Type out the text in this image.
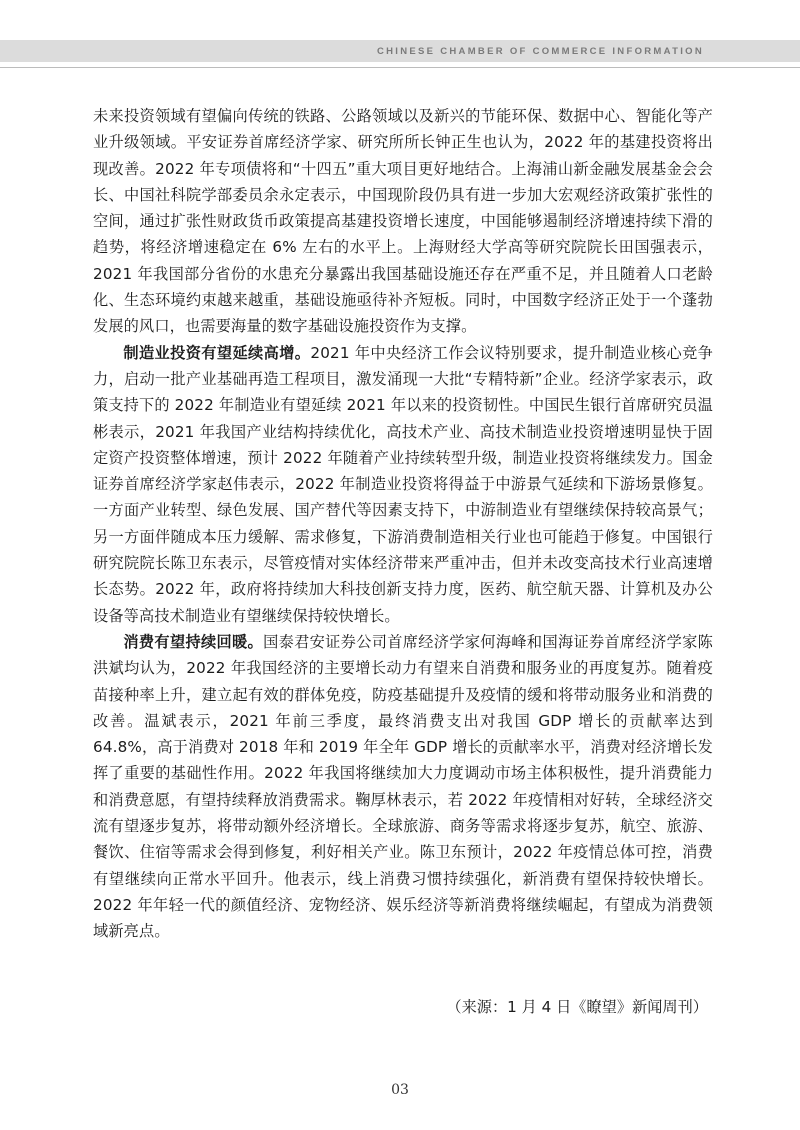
CHINESE CHAMBER OF COMMERCE INFORMATION

未来投资领域有望偏向传统的铁路、公路领域以及新兴的节能环保、数据中心、智能化等产业升级领域。平安证券首席经济学家、研究所所长钟正生也认为，2022 年的基建投资将出现改善。2022 年专项债将和“十四五”重大项目更好地结合。上海浦山新金融发展基金会会长、中国社科院学部委员余永定表示，中国现阶段仍具有进一步加大宏观经济政策扩张性的空间，通过扩张性财政货币政策提高基建投资增长速度，中国能够遏制经济增速持续下滑的趋势，将经济增速稳定在 6% 左右的水平上。上海财经大学高等研究院院长田国强表示，2021 年我国部分省份的水患充分暴露出我国基础设施还存在严重不足，并且随着人口老龄化、生态环境约束越来越重，基础设施亟待补齐短板。同时，中国数字经济正处于一个蓬勃发展的风口，也需要海量的数字基础设施投资作为支撑。

制造业投资有望延续高增。2021 年中央经济工作会议特别要求，提升制造业核心竞争力，启动一批产业基础再造工程项目，激发涌现一大批“专精特新”企业。经济学家表示，政策支持下的 2022 年制造业有望延续 2021 年以来的投资韧性。中国民生银行首席研究员温彬表示，2021 年我国产业结构持续优化，高技术产业、高技术制造业投资增速明显快于固定资产投资整体增速，预计 2022 年随着产业持续转型升级，制造业投资将继续发力。国金证券首席经济学家赵伟表示，2022 年制造业投资将得益于中游景气延续和下游场景修复。一方面产业转型、绿色发展、国产替代等因素支持下，中游制造业有望继续保持较高景气；另一方面伴随成本压力缓解、需求修复，下游消费制造相关行业也可能趋于修复。中国银行研究院院长陈卫东表示，尽管疫情对实体经济带来严重冲击，但并未改变高技术行业高速增长态势。2022 年，政府将持续加大科技创新支持力度，医药、航空航天器、计算机及办公设备等高技术制造业有望继续保持较快增长。

消费有望持续回暖。国泰君安证券公司首席经济学家何海峰和国海证券首席经济学家陈洪斌均认为，2022 年我国经济的主要增长动力有望来自消费和服务业的再度复苏。随着疫苗接种率上升，建立起有效的群体免疫，防疫基础提升及疫情的缓和将带动服务业和消费的改善。温斌表示，2021 年前三季度，最终消费支出对我国 GDP 增长的贡献率达到 64.8%，高于消费对 2018 年和 2019 年全年 GDP 增长的贡献率水平，消费对经济增长发挥了重要的基础性作用。2022 年我国将继续加大力度调动市场主体积极性，提升消费能力和消费意愿，有望持续释放消费需求。鞠厚林表示，若 2022 年疫情相对好转，全球经济交流有望逐步复苏，将带动额外经济增长。全球旅游、商务等需求将逐步复苏，航空、旅游、餐饮、住宿等需求会得到修复，利好相关产业。陈卫东预计，2022 年疫情总体可控，消费有望继续向正常水平回升。他表示，线上消费习惯持续强化，新消费有望保持较快增长。2022 年年轻一代的颜值经济、宠物经济、娱乐经济等新消费将继续崛起，有望成为消费领域新亮点。

（来源：1 月 4 日《瞭望》新闻周刊）
03
